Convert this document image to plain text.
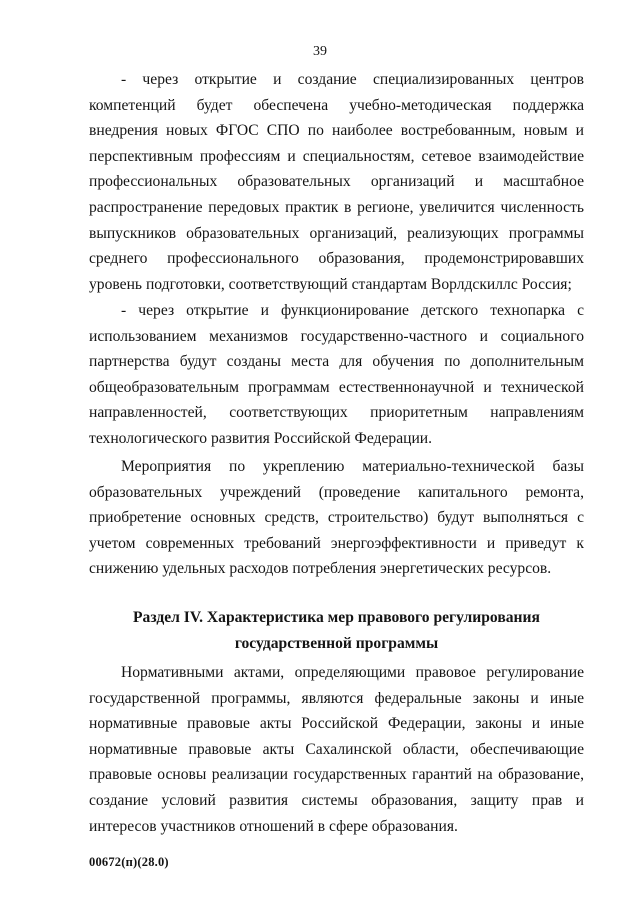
39

- через открытие и создание специализированных центров компетенций будет обеспечена учебно-методическая поддержка внедрения новых ФГОС СПО по наиболее востребованным, новым и перспективным профессиям и специальностям, сетевое взаимодействие профессиональных образовательных организаций и масштабное распространение передовых практик в регионе, увеличится численность выпускников образовательных организаций, реализующих программы среднего профессионального образования, продемонстрировавших уровень подготовки, соответствующий стандартам Ворлдскиллс Россия;

- через открытие и функционирование детского технопарка с использованием механизмов государственно-частного и социального партнерства будут созданы места для обучения по дополнительным общеобразовательным программам естественнонаучной и технической направленностей, соответствующих приоритетным направлениям технологического развития Российской Федерации.

Мероприятия по укреплению материально-технической базы образовательных учреждений (проведение капитального ремонта, приобретение основных средств, строительство) будут выполняться с учетом современных требований энергоэффективности и приведут к снижению удельных расходов потребления энергетических ресурсов.

Раздел IV. Характеристика мер правового регулирования государственной программы

Нормативными актами, определяющими правовое регулирование государственной программы, являются федеральные законы и иные нормативные правовые акты Российской Федерации, законы и иные нормативные правовые акты Сахалинской области, обеспечивающие правовые основы реализации государственных гарантий на образование, создание условий развития системы образования, защиту прав и интересов участников отношений в сфере образования.

00672(п)(28.0)
